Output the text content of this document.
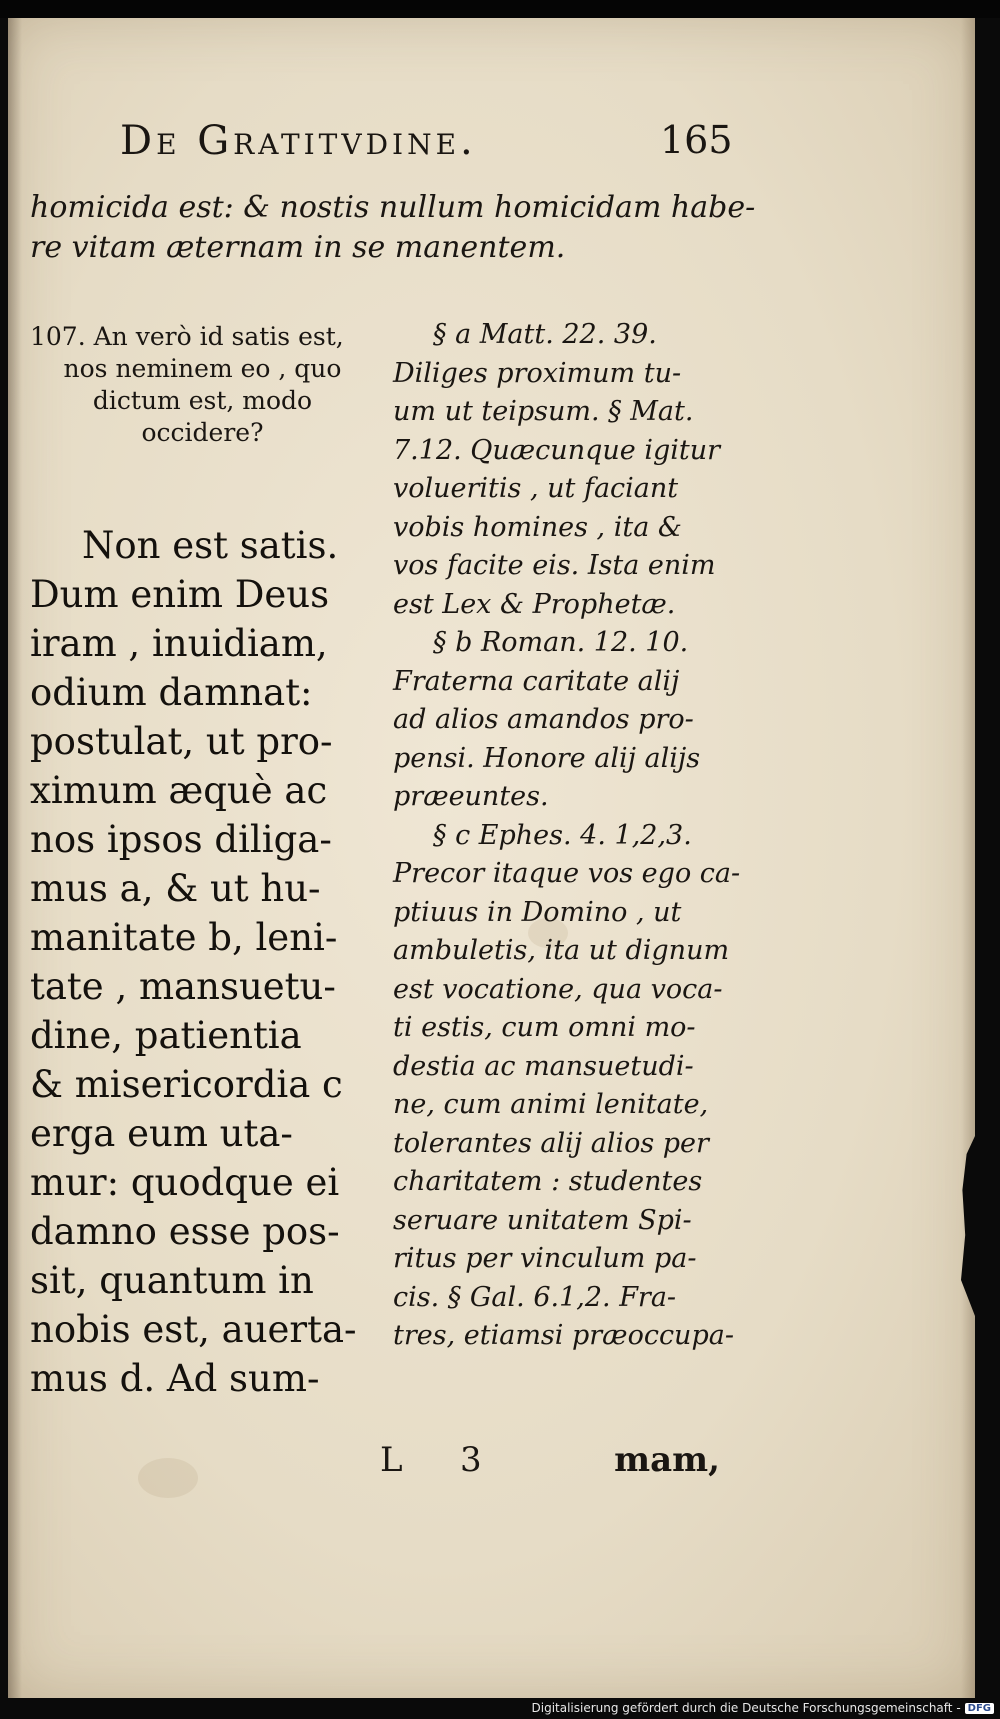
De Gratitvdine.	165
homicida est: & nostis nullum homicidam habe-
re vitam æternam in se manentem.
107. An verò id satis est,
nos neminem eo , quo
dictum est, modo
occidere?
Non est satis.
Dum enim Deus
iram , inuidiam,
odium damnat:
postulat, ut pro-
ximum æquè ac
nos ipsos diliga-
mus a, & ut hu-
manitate b, leni-
tate , mansuetu-
dine, patientia
& misericordia c
erga eum uta-
mur: quodque ei
damno esse pos-
sit, quantum in
nobis est, auerta-
mus d. Ad sum-
§ a Matt. 22. 39.
Diliges proximum tu-
um ut teipsum. § Mat.
7.12. Quæcunque igitur
volueritis , ut faciant
vobis homines , ita &
vos facite eis. Ista enim
est Lex & Prophetæ.
§ b Roman. 12. 10.
Fraterna caritate alij
ad alios amandos pro-
pensi. Honore alij alijs
præeuntes.
§ c Ephes. 4. 1,2,3.
Precor itaque vos ego ca-
ptiuus in Domino , ut
ambuletis, ita ut dignum
est vocatione, qua voca-
ti estis, cum omni mo-
destia ac mansuetudi-
ne, cum animi lenitate,
tolerantes alij alios per
charitatem : studentes
seruare unitatem Spi-
ritus per vinculum pa-
cis. § Gal. 6.1,2. Fra-
tres, etiamsi præoccupa-
L 3	mam,
Digitalisierung gefördert durch die Deutsche Forschungsgemeinschaft - DFG
